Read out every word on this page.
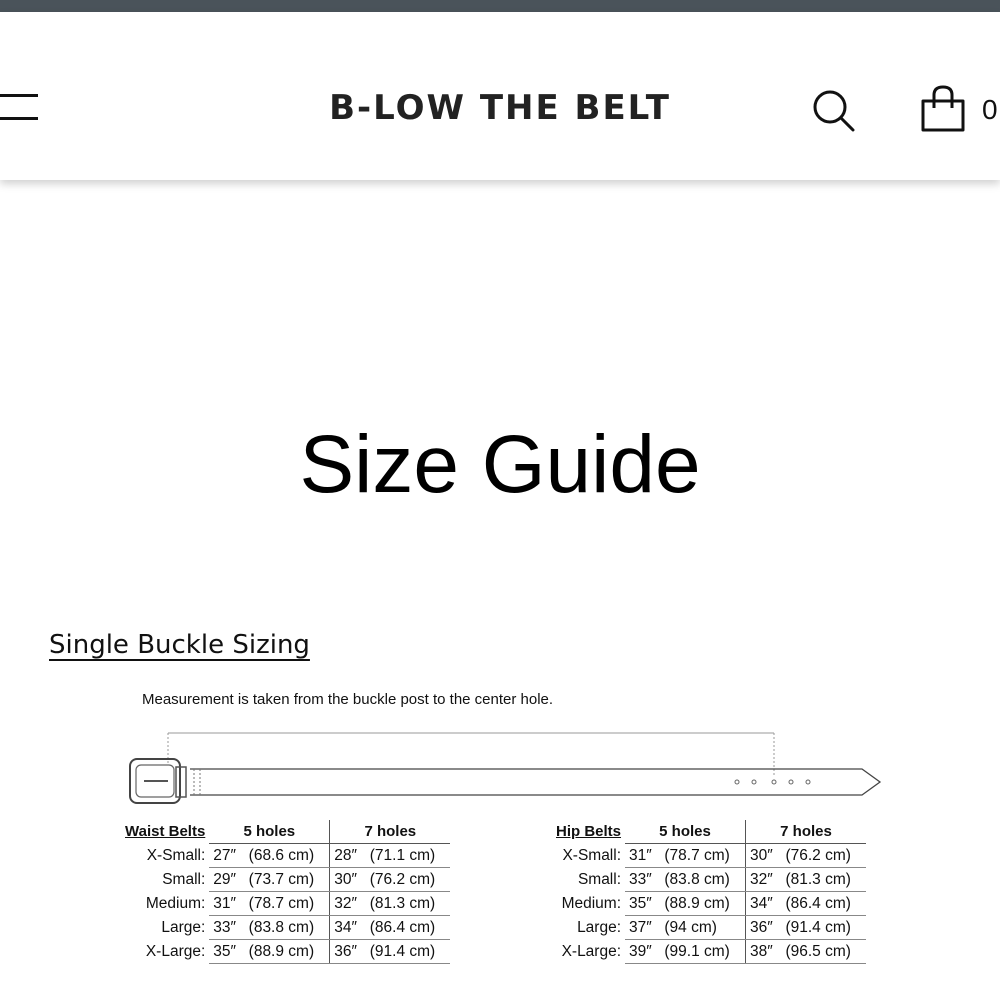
B-LOW THE BELT	0
Size Guide
Single Buckle Sizing
Measurement is taken from the buckle post to the center hole.
Waist Belts	5 holes		7 holes	
X-Small:	27″	(68.6 cm)	28″	(71.1 cm)
Small:	29″	(73.7 cm)	30″	(76.2 cm)
Medium:	31″	(78.7 cm)	32″	(81.3 cm)
Large:	33″	(83.8 cm)	34″	(86.4 cm)
X-Large:	35″	(88.9 cm)	36″	(91.4 cm)
Hip Belts	5 holes		7 holes	
X-Small:	31″	(78.7 cm)	30″	(76.2 cm)
Small:	33″	(83.8 cm)	32″	(81.3 cm)
Medium:	35″	(88.9 cm)	34″	(86.4 cm)
Large:	37″	(94 cm)	36″	(91.4 cm)
X-Large:	39″	(99.1 cm)	38″	(96.5 cm)
